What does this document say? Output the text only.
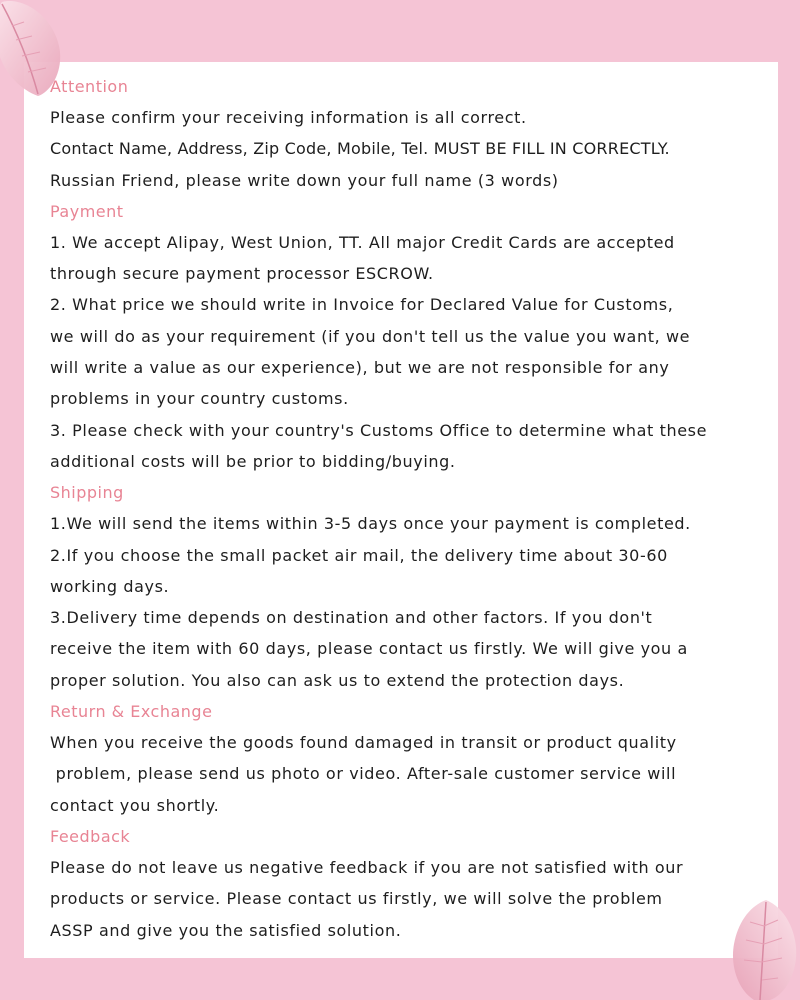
Attention
Please confirm your receiving information is all correct.
Contact Name, Address, Zip Code, Mobile, Tel. MUST BE FILL IN CORRECTLY.
Russian Friend, please write down your full name (3 words)
Payment
1. We accept Alipay, West Union, TT. All major Credit Cards are accepted
through secure payment processor ESCROW.
2. What price we should write in Invoice for Declared Value for Customs,
we will do as your requirement (if you don't tell us the value you want, we
will write a value as our experience), but we are not responsible for any
problems in your country customs.
3. Please check with your country's Customs Office to determine what these
additional costs will be prior to bidding/buying.
Shipping
1.We will send the items within 3-5 days once your payment is completed.
2.If you choose the small packet air mail, the delivery time about 30-60
working days.
3.Delivery time depends on destination and other factors. If you don't
receive the item with 60 days, please contact us firstly. We will give you a
proper solution. You also can ask us to extend the protection days.
Return & Exchange
When you receive the goods found damaged in transit or product quality
problem, please send us photo or video. After-sale customer service will
contact you shortly.
Feedback
Please do not leave us negative feedback if you are not satisfied with our
products or service. Please contact us firstly, we will solve the problem
ASSP and give you the satisfied solution.
